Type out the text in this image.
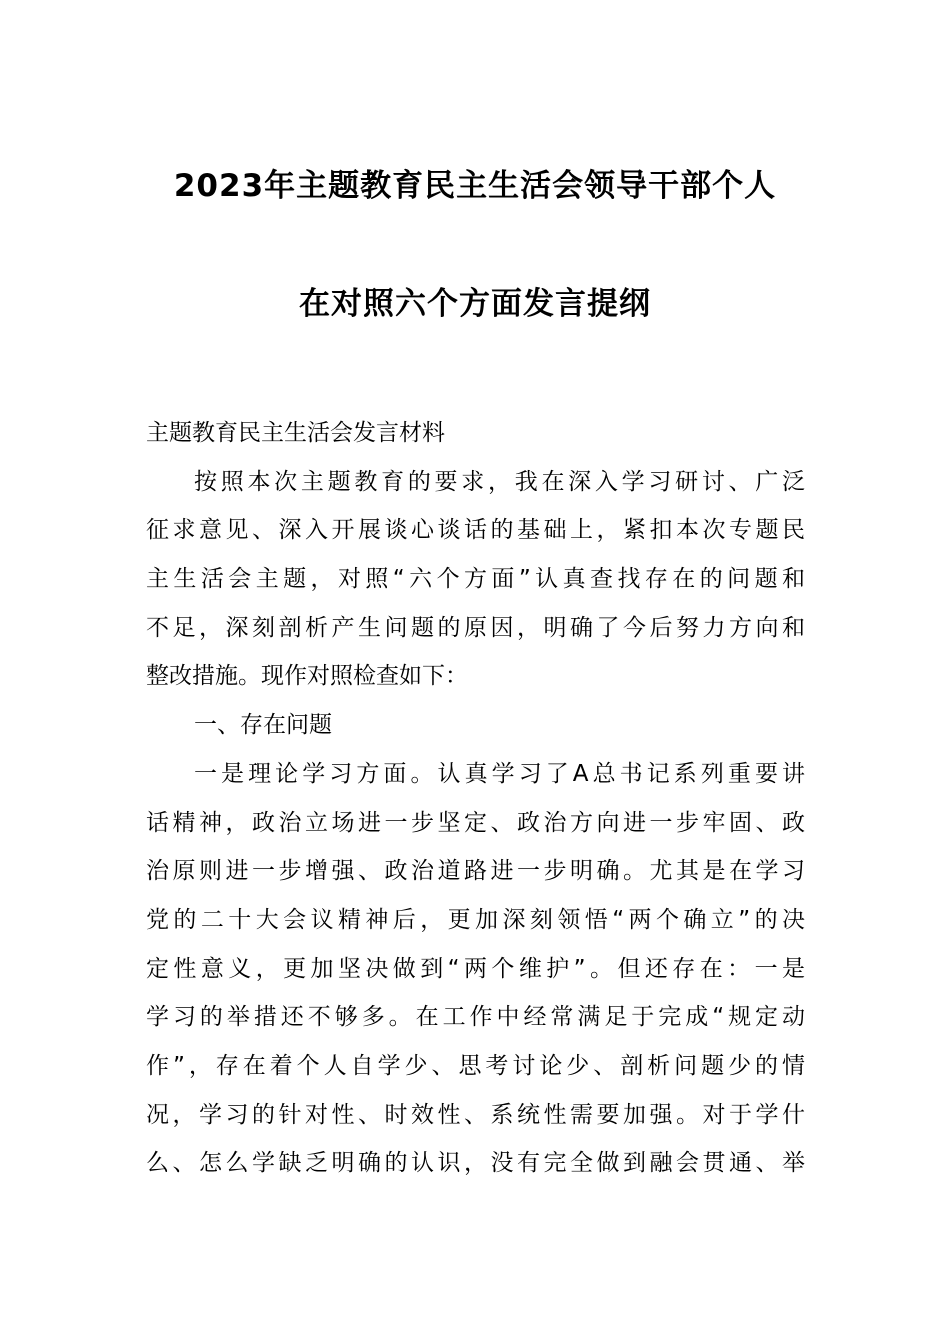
2023年主题教育民主生活会领导干部个人
在对照六个方面发言提纲
主题教育民主生活会发言材料
按照本次主题教育的要求，我在深入学习研讨、广泛
征求意见、深入开展谈心谈话的基础上，紧扣本次专题民
主生活会主题，对照“六个方面”认真查找存在的问题和
不足，深刻剖析产生问题的原因，明确了今后努力方向和
整改措施。现作对照检查如下：
一、存在问题
一是理论学习方面。认真学习了A总书记系列重要讲
话精神，政治立场进一步坚定、政治方向进一步牢固、政
治原则进一步增强、政治道路进一步明确。尤其是在学习
党的二十大会议精神后，更加深刻领悟“两个确立”的决
定性意义，更加坚决做到“两个维护”。但还存在：一是
学习的举措还不够多。在工作中经常满足于完成“规定动
作”，存在着个人自学少、思考讨论少、剖析问题少的情
况，学习的针对性、时效性、系统性需要加强。对于学什
么、怎么学缺乏明确的认识，没有完全做到融会贯通、举
